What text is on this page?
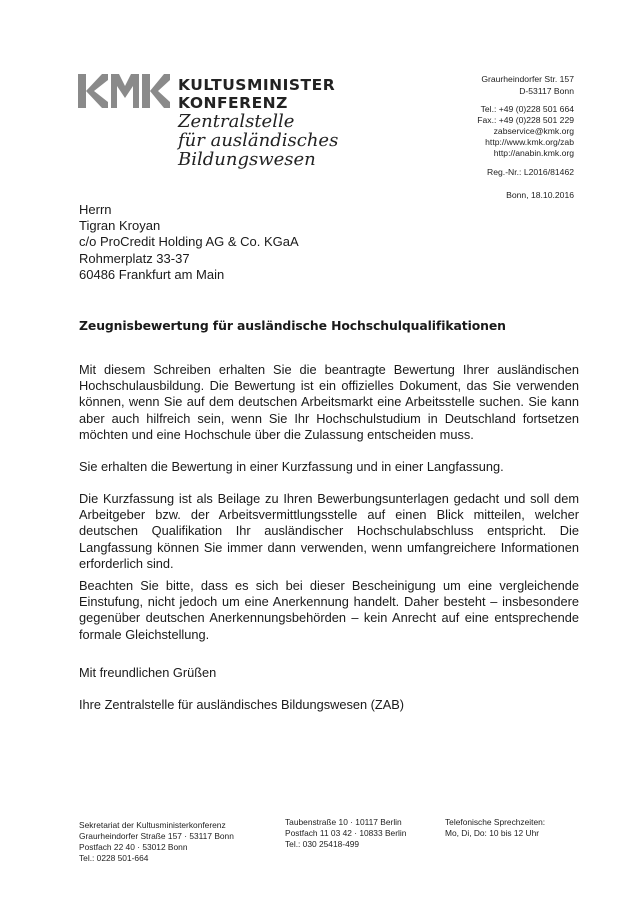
KULTUSMINISTER
KONFERENZ
Zentralstelle
für ausländisches
Bildungswesen
Graurheindorfer Str. 157
D-53117 Bonn
Tel.: +49 (0)228 501 664
Fax.: +49 (0)228 501 229
zabservice@kmk.org
http://www.kmk.org/zab
http://anabin.kmk.org
Reg.-Nr.: L2016/81462
Bonn, 18.10.2016
Herrn
Tigran Kroyan
c/o ProCredit Holding AG & Co. KGaA
Rohmerplatz 33-37
60486 Frankfurt am Main
Zeugnisbewertung für ausländische Hochschulqualifikationen
Mit diesem Schreiben erhalten Sie die beantragte Bewertung Ihrer ausländischen Hochschulausbildung. Die Bewertung ist ein offizielles Dokument, das Sie verwenden können, wenn Sie auf dem deutschen Arbeitsmarkt eine Arbeitsstelle suchen. Sie kann aber auch hilfreich sein, wenn Sie Ihr Hochschulstudium in Deutschland fortsetzen möchten und eine Hochschule über die Zulassung entscheiden muss.
Sie erhalten die Bewertung in einer Kurzfassung und in einer Langfassung.
Die Kurzfassung ist als Beilage zu Ihren Bewerbungsunterlagen gedacht und soll dem Arbeitgeber bzw. der Arbeitsvermittlungsstelle auf einen Blick mitteilen, welcher deutschen Qualifikation Ihr ausländischer Hochschulabschluss entspricht. Die Langfassung können Sie immer dann verwenden, wenn umfangreichere Informationen erforderlich sind.
Beachten Sie bitte, dass es sich bei dieser Bescheinigung um eine vergleichende Einstufung, nicht jedoch um eine Anerkennung handelt. Daher besteht – insbesondere gegenüber deutschen Anerkennungsbehörden – kein Anrecht auf eine entsprechende formale Gleichstellung.
Mit freundlichen Grüßen
Ihre Zentralstelle für ausländisches Bildungswesen (ZAB)
Sekretariat der Kultusministerkonferenz
Graurheindorfer Straße 157 · 53117 Bonn
Postfach 22 40 · 53012 Bonn
Tel.: 0228 501-664
Taubenstraße 10 · 10117 Berlin
Postfach 11 03 42 · 10833 Berlin
Tel.: 030 25418-499
Telefonische Sprechzeiten:
Mo, Di, Do: 10 bis 12 Uhr
